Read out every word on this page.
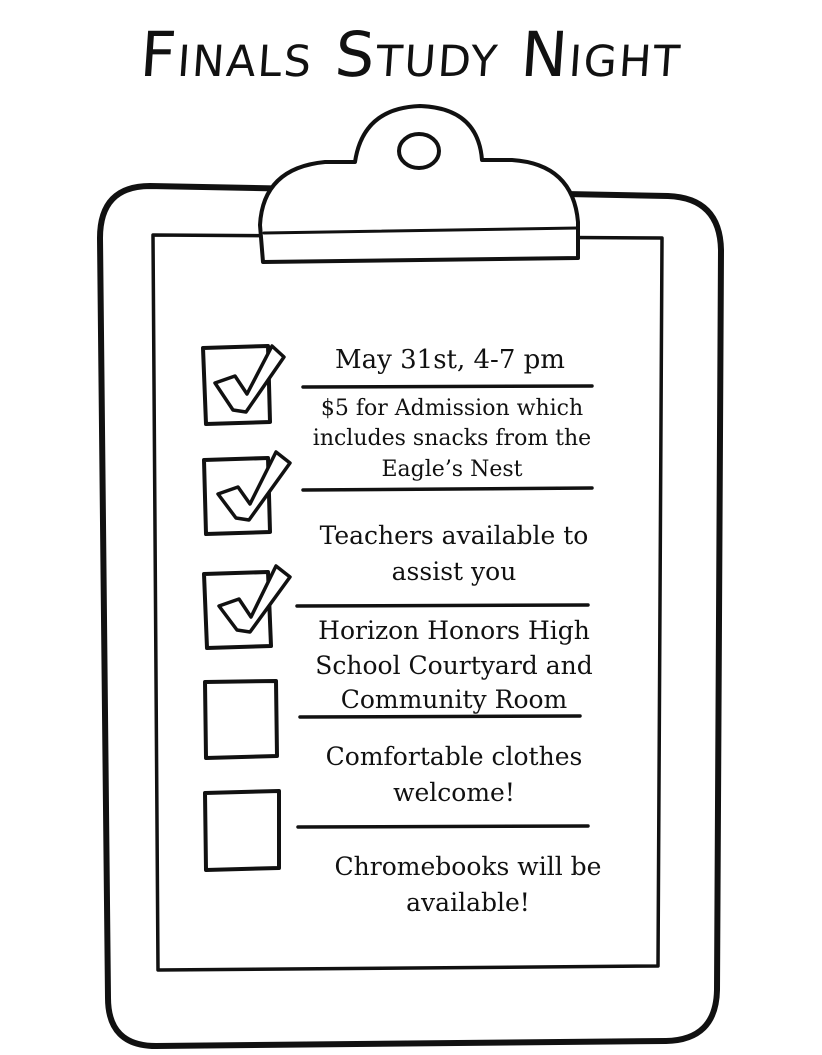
Finals Study Night
May 31st, 4-7 pm
$5 for Admission which includes snacks from the Eagle’s Nest
Teachers available to assist you
Horizon Honors High School Courtyard and Community Room
Comfortable clothes welcome!
Chromebooks will be available!
